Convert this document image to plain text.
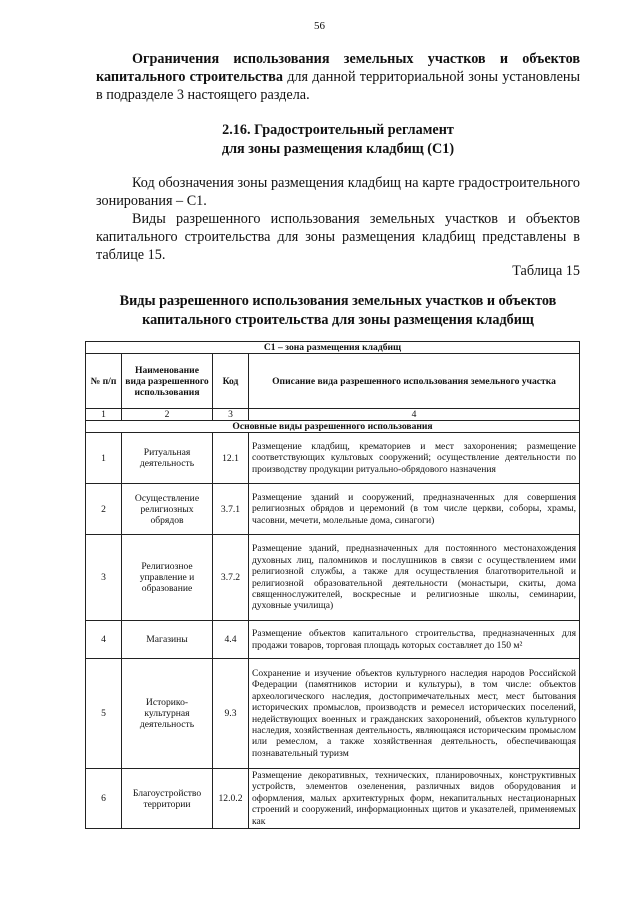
56
Ограничения использования земельных участков и объектов капитального строительства для данной территориальной зоны установлены в подразделе 3 настоящего раздела.
2.16. Градостроительный регламент
для зоны размещения кладбищ (С1)
Код обозначения зоны размещения кладбищ на карте градостроительного зонирования – С1.
Виды разрешенного использования земельных участков и объектов капитального строительства для зоны размещения кладбищ представлены в таблице 15.
Таблица 15
Виды разрешенного использования земельных участков и объектов
капитального строительства для зоны размещения кладбищ
С1 – зона размещения кладбищ			
№ п/п	Наименование вида разрешенного использования	Код	Описание вида разрешенного использования земельного участка
1	2	3	4
Основные виды разрешенного использования			
1	Ритуальная деятельность	12.1	Размещение кладбищ, крематориев и мест захоронения; размещение соответствующих культовых сооружений; осуществление деятельности по производству продукции ритуально-обрядового назначения
2	Осуществление религиозных обрядов	3.7.1	Размещение зданий и сооружений, предназначенных для совершения религиозных обрядов и церемоний (в том числе церкви, соборы, храмы, часовни, мечети, молельные дома, синагоги)
3	Религиозное управление и образование	3.7.2	Размещение зданий, предназначенных для постоянного местонахождения духовных лиц, паломников и послушников в связи с осуществлением ими религиозной службы, а также для осуществления благотворительной и религиозной образовательной деятельности (монастыри, скиты, дома священнослужителей, воскресные и религиозные школы, семинарии, духовные училища)
4	Магазины	4.4	Размещение объектов капитального строительства, предназначенных для продажи товаров, торговая площадь которых составляет до 150 м²
5	Историко-культурная деятельность	9.3	Сохранение и изучение объектов культурного наследия народов Российской Федерации (памятников истории и культуры), в том числе: объектов археологического наследия, достопримечательных мест, мест бытования исторических промыслов, производств и ремесел исторических поселений, недействующих военных и гражданских захоронений, объектов культурного наследия, хозяйственная деятельность, являющаяся историческим промыслом или ремеслом, а также хозяйственная деятельность, обеспечивающая познавательный туризм
6	Благоустройство территории	12.0.2	Размещение декоративных, технических, планировочных, конструктивных устройств, элементов озеленения, различных видов оборудования и оформления, малых архитектурных форм, некапитальных нестационарных строений и сооружений, информационных щитов и указателей, применяемых как
